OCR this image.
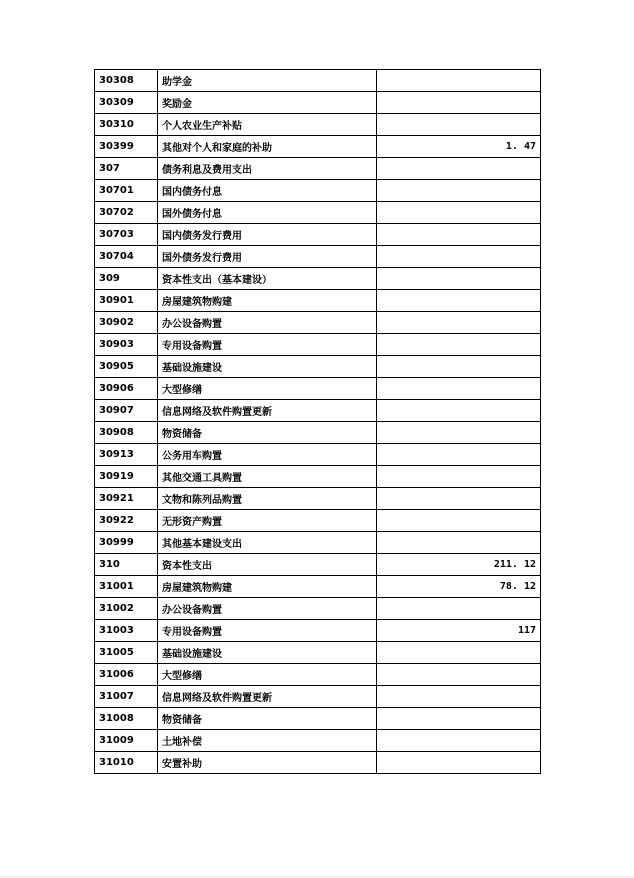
30308	助学金	
30309	奖励金	
30310	个人农业生产补贴	
30399	其他对个人和家庭的补助	1. 47
307	债务利息及费用支出	
30701	国内债务付息	
30702	国外债务付息	
30703	国内债务发行费用	
30704	国外债务发行费用	
309	资本性支出（基本建设）	
30901	房屋建筑物购建	
30902	办公设备购置	
30903	专用设备购置	
30905	基础设施建设	
30906	大型修缮	
30907	信息网络及软件购置更新	
30908	物资储备	
30913	公务用车购置	
30919	其他交通工具购置	
30921	文物和陈列品购置	
30922	无形资产购置	
30999	其他基本建设支出	
310	资本性支出	211. 12
31001	房屋建筑物购建	78. 12
31002	办公设备购置	
31003	专用设备购置	117
31005	基础设施建设	
31006	大型修缮	
31007	信息网络及软件购置更新	
31008	物资储备	
31009	土地补偿	
31010	安置补助	
